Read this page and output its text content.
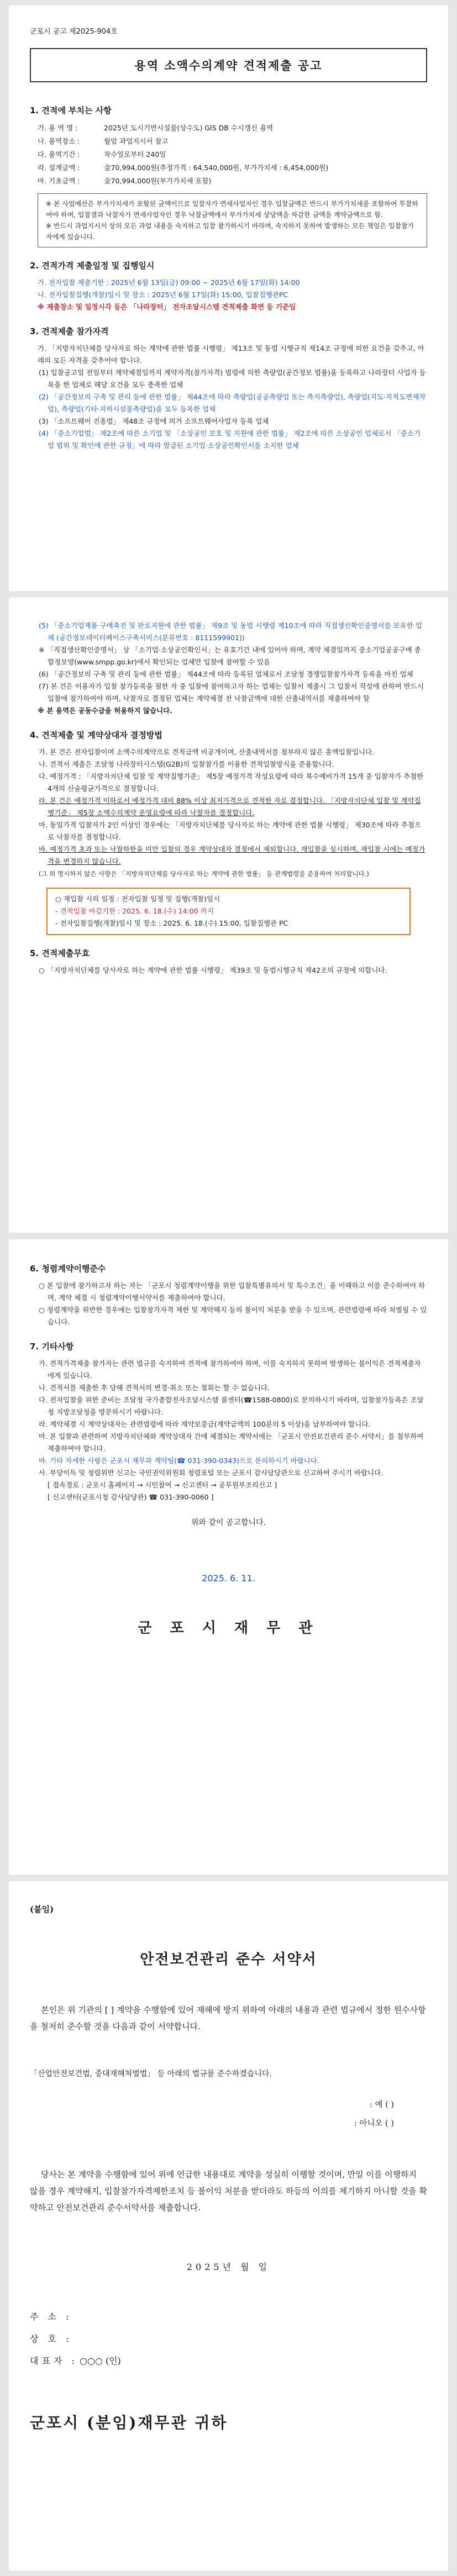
군포시 공고 제2025-904호
용역 소액수의계약 견적제출 공고
1. 견적에 부치는 사항
가. 용 역 명 :	2025년 도시기반시설물(상수도) GIS DB 수시갱신 용역
나. 용역장소 :	월암 과업지시서 참고
다. 용역기간 :	착수일로부터 240일
라. 설계금액 :	金70,994,000원(추정가격 : 64,540,000원, 부가가치세 : 6,454,000원)
마. 기초금액 :	金70,994,000원(부가가치세 포함)
※ 본 사업예산은 부가가치세가 포함된 금액이므로 입찰자가 면세사업자인 경우 입찰금액은 반드시 부가가치세를 포함하여 투찰하여야 하며, 입찰결과 낙찰자가 면세사업자인 경우 낙찰금액에서 부가가치세 상당액을 차감한 금액을 계약금액으로 함.
※ 반드시 과업지시서 상의 모든 과업 내용을 숙지하고 입찰 참가하시기 바라며, 숙지하지 못하여 발생하는 모든 책임은 입찰참가자에게 있습니다.
2. 견적가격 제출일정 및 집행일시

가. 전자입찰 제출기한 : 2025년 6월 13일(금) 09:00 ~ 2025년 6월 17일(화) 14:00

나. 전자입찰집행(개찰)일시 및 장소 : 2025년 6월 17일(화) 15:00, 입찰집행관PC

※ 제출장소 및 일정시각 등은 「나라장터」 전자조달시스템 견적제출 화면 등 기준임

3. 견적제출 참가자격

가. 「지방자치단체를 당사자로 하는 계약에 관한 법률 시행령」 제13조 및 동법 시행규칙 제14조 규정에 의한 요건을 갖추고, 아래의 모든 자격을 갖추어야 합니다.

(1) 입찰공고일 전일부터 계약체결일까지 계약자격(참가자격) 법령에 의한 측량업(공간정보 법률)을 등록하고 나라장터 사업자 등록을 한 업체로 해당 요건을 모두 충족한 업체

(2) 「공간정보의 구축 및 관리 등에 관한 법률」 제44조에 따라 측량업(공공측량업 또는 측지측량업), 측량업(지도·지적도면제작업), 측량업(기타·지하시설물측량업)을 모두 등록한 업체

(3) 「소프트웨어 진흥법」 제48조 규정에 의거 소프트웨어사업자 등록 업체

(4) 「중소기업법」 제2조에 따른 소기업 및 「소상공인 보호 및 지원에 관한 법률」 제2조에 따른 소상공인 업체로서 「중소기업 범위 및 확인에 관한 규정」에 따라 발급된 소기업·소상공인확인서를 소지한 업체

(5) 「중소기업제품 구매촉진 및 판로지원에 관한 법률」 제9조 및 동법 시행령 제10조에 따라 직접생산확인증명서를 보유한 업체 (공간정보데이터베이스구축서비스(분류번호 : 8111599901))

※ 「직접생산확인증명서」 상 「소기업·소상공인확인서」는 유효기간 내에 있어야 하며, 계약 체결일까지 중소기업공공구매 종합정보망(www.smpp.go.kr)에서 확인되는 업체만 입찰에 참여할 수 있음

(6) 「공간정보의 구축 및 관리 등에 관한 법률」 제44조에 따라 등록된 업체로서 조달청 경쟁입찰참가자격 등록을 마친 업체

(7) 본 건은 이용자가 입찰 참가등록을 필한 자 중 입찰에 참여하고자 하는 업체는 입찰서 제출시 그 입찰서 작성에 관하여 반드시 입찰에 참가하여야 하며, 낙찰자로 결정된 업체는 계약체결 전 낙찰금액에 대한 산출내역서를 제출하여야 함

※ 본 용역은 공동수급을 허용하지 않습니다.

4. 견적제출 및 계약상대자 결정방법

가. 본 건은 전자입찰이며 소액수의계약으로 견적금액 비공개이며, 산출내역서를 첨부하지 않은 총액입찰입니다.

나. 견적서 제출은 조달청 나라장터시스템(G2B)의 입찰참가를 이용한 견적입찰방식을 준용합니다.

다. 예정가격 : 「지방자치단체 입찰 및 계약집행기준」 제5장 예정가격 작성요령에 따라 복수예비가격 15개 중 입찰자가 추첨한 4개의 산술평균가격으로 결정합니다.

라. 본 건은 예정가격 이하로서 예정가격 대비 88% 이상 최저가격으로 견적한 자로 결정합니다. 「지방자치단체 입찰 및 계약집행기준」 제5장 소액수의계약 운영요령에 따라 낙찰자를 결정합니다.

마. 동일가격 입찰자가 2인 이상인 경우에는 「지방자치단체를 당사자로 하는 계약에 관한 법률 시행령」 제30조에 따라 추첨으로 낙찰자를 결정합니다.

바. 예정가격 초과 또는 낙찰하한율 미만 입찰의 경우 계약상대자 결정에서 제외합니다. 재입찰을 실시하며, 재입찰 시에는 예정가격을 변경하지 않습니다.

(그 외 명시하지 않은 사항은 「지방자치단체를 당사자로 하는 계약에 관한 법률」 등 관계법령을 준용하여 처리합니다.)

○ 재입찰 시의 일정 : 전자입찰 일정 및 집행(개찰)일시
- 견적입찰 마감기한 : 2025. 6. 18.(수) 14:00 까지
- 전자입찰집행(개찰)일시 및 장소 : 2025. 6. 18.(수) 15:00, 입찰집행관 PC
5. 견적제출무효

○ 「지방자치단체를 당사자로 하는 계약에 관한 법률 시행령」 제39조 및 동법시행규칙 제42조의 규정에 의합니다.

6. 청렴계약이행준수

○ 본 입찰에 참가하고자 하는 자는 「군포시 청렴계약이행을 위한 입찰특별유의서 및 특수조건」을 이해하고 이를 준수하여야 하며, 계약 체결 시 청렴계약이행서약서를 제출하여야 합니다.

○ 청렴계약을 위반한 경우에는 입찰참가자격 제한 및 계약해지 등의 불이익 처분을 받을 수 있으며, 관련법령에 따라 처벌될 수 있습니다.

7. 기타사항

가. 견적가격제출 참가자는 관련 법규를 숙지하여 견적에 참가하여야 하며, 이를 숙지하지 못하여 발생하는 불이익은 견적제출자에게 있습니다.

나. 견적서를 제출한 후 당해 견적서의 변경·취소 또는 철회는 할 수 없습니다.

다. 전자입찰을 위한 준비는 조달청 국가종합전자조달시스템 콜센터(☎1588-0800)로 문의하시기 바라며, 입찰참가등록은 조달청 지방조달청을 방문하시기 바랍니다.

라. 계약체결 시 계약상대자는 관련법령에 따라 계약보증금(계약금액의 100분의 5 이상)을 납부하여야 합니다.

마. 본 입찰과 관련하여 지방자치단체와 계약상대자 간에 체결되는 계약서에는 「군포시 안전보건관리 준수 서약서」를 첨부하여 제출하여야 합니다.

바. 기타 자세한 사항은 군포시 재무과 계약팀(☎ 031-390-0343)으로 문의하시기 바랍니다.

사. 부당이득 및 청렴위반 신고는 국민권익위원회 청렴포털 또는 군포시 감사담당관으로 신고하여 주시기 바랍니다.

[ 접속경로 : 군포시 홈페이지 → 시민참여 → 신고센터 → 공무원부조리신고 ]

[ 신고센터(군포시청 감사담당관) ☎ 031-390-0060 ]

위와 같이 공고합니다.

2025. 6. 11.
군 포 시 재 무 관
(붙임)
안전보건관리 준수 서약서
본인은 위 기관의 [ ] 계약을 수행함에 있어 재해에 방지 위하여 아래의 내용과 관련 법규에서 정한 원수사항을 철저히 준수할 것을 다음과 같이 서약합니다.
「산업안전보건법, 중대재해처벌법」 등 아래의 법규를 준수하겠습니다.
: 예 ( )
: 아니오 ( )
당사는 본 계약을 수행함에 있어 위에 언급한 내용대로 계약을 성실히 이행할 것이며, 만일 이를 이행하지 않을 경우 계약해지, 입찰참가자격제한조치 등 불이익 처분을 받더라도 하등의 이의를 제기하지 아니할 것을 확약하고 안전보건관리 준수서약서를 제출합니다.
2025년 월 일
주 소 :
상 호 :
대표자 : ○○○ (인)
군포시 (분임)재무관 귀하
